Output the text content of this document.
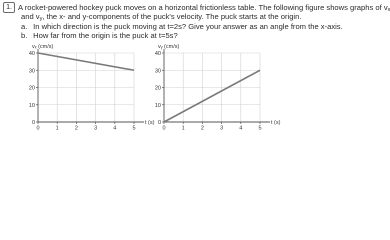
1. A rocket-powered hockey puck moves on a horizontal frictionless table. The following figure shows graphs of vx
and vy, the x- and y-components of the puck's velocity. The puck starts at the origin.
a. In which direction is the puck moving at t=2s? Give your answer as an angle from the x-axis.
b. How far from the origin is the puck at t=5s?
0
10
20
30
40
0	1	2	3	4	5
vₓ (cm/s)
t (s) 0
10
20
30
40
0	1	2	3	4	5
vᵧ (cm/s)
t (s)
